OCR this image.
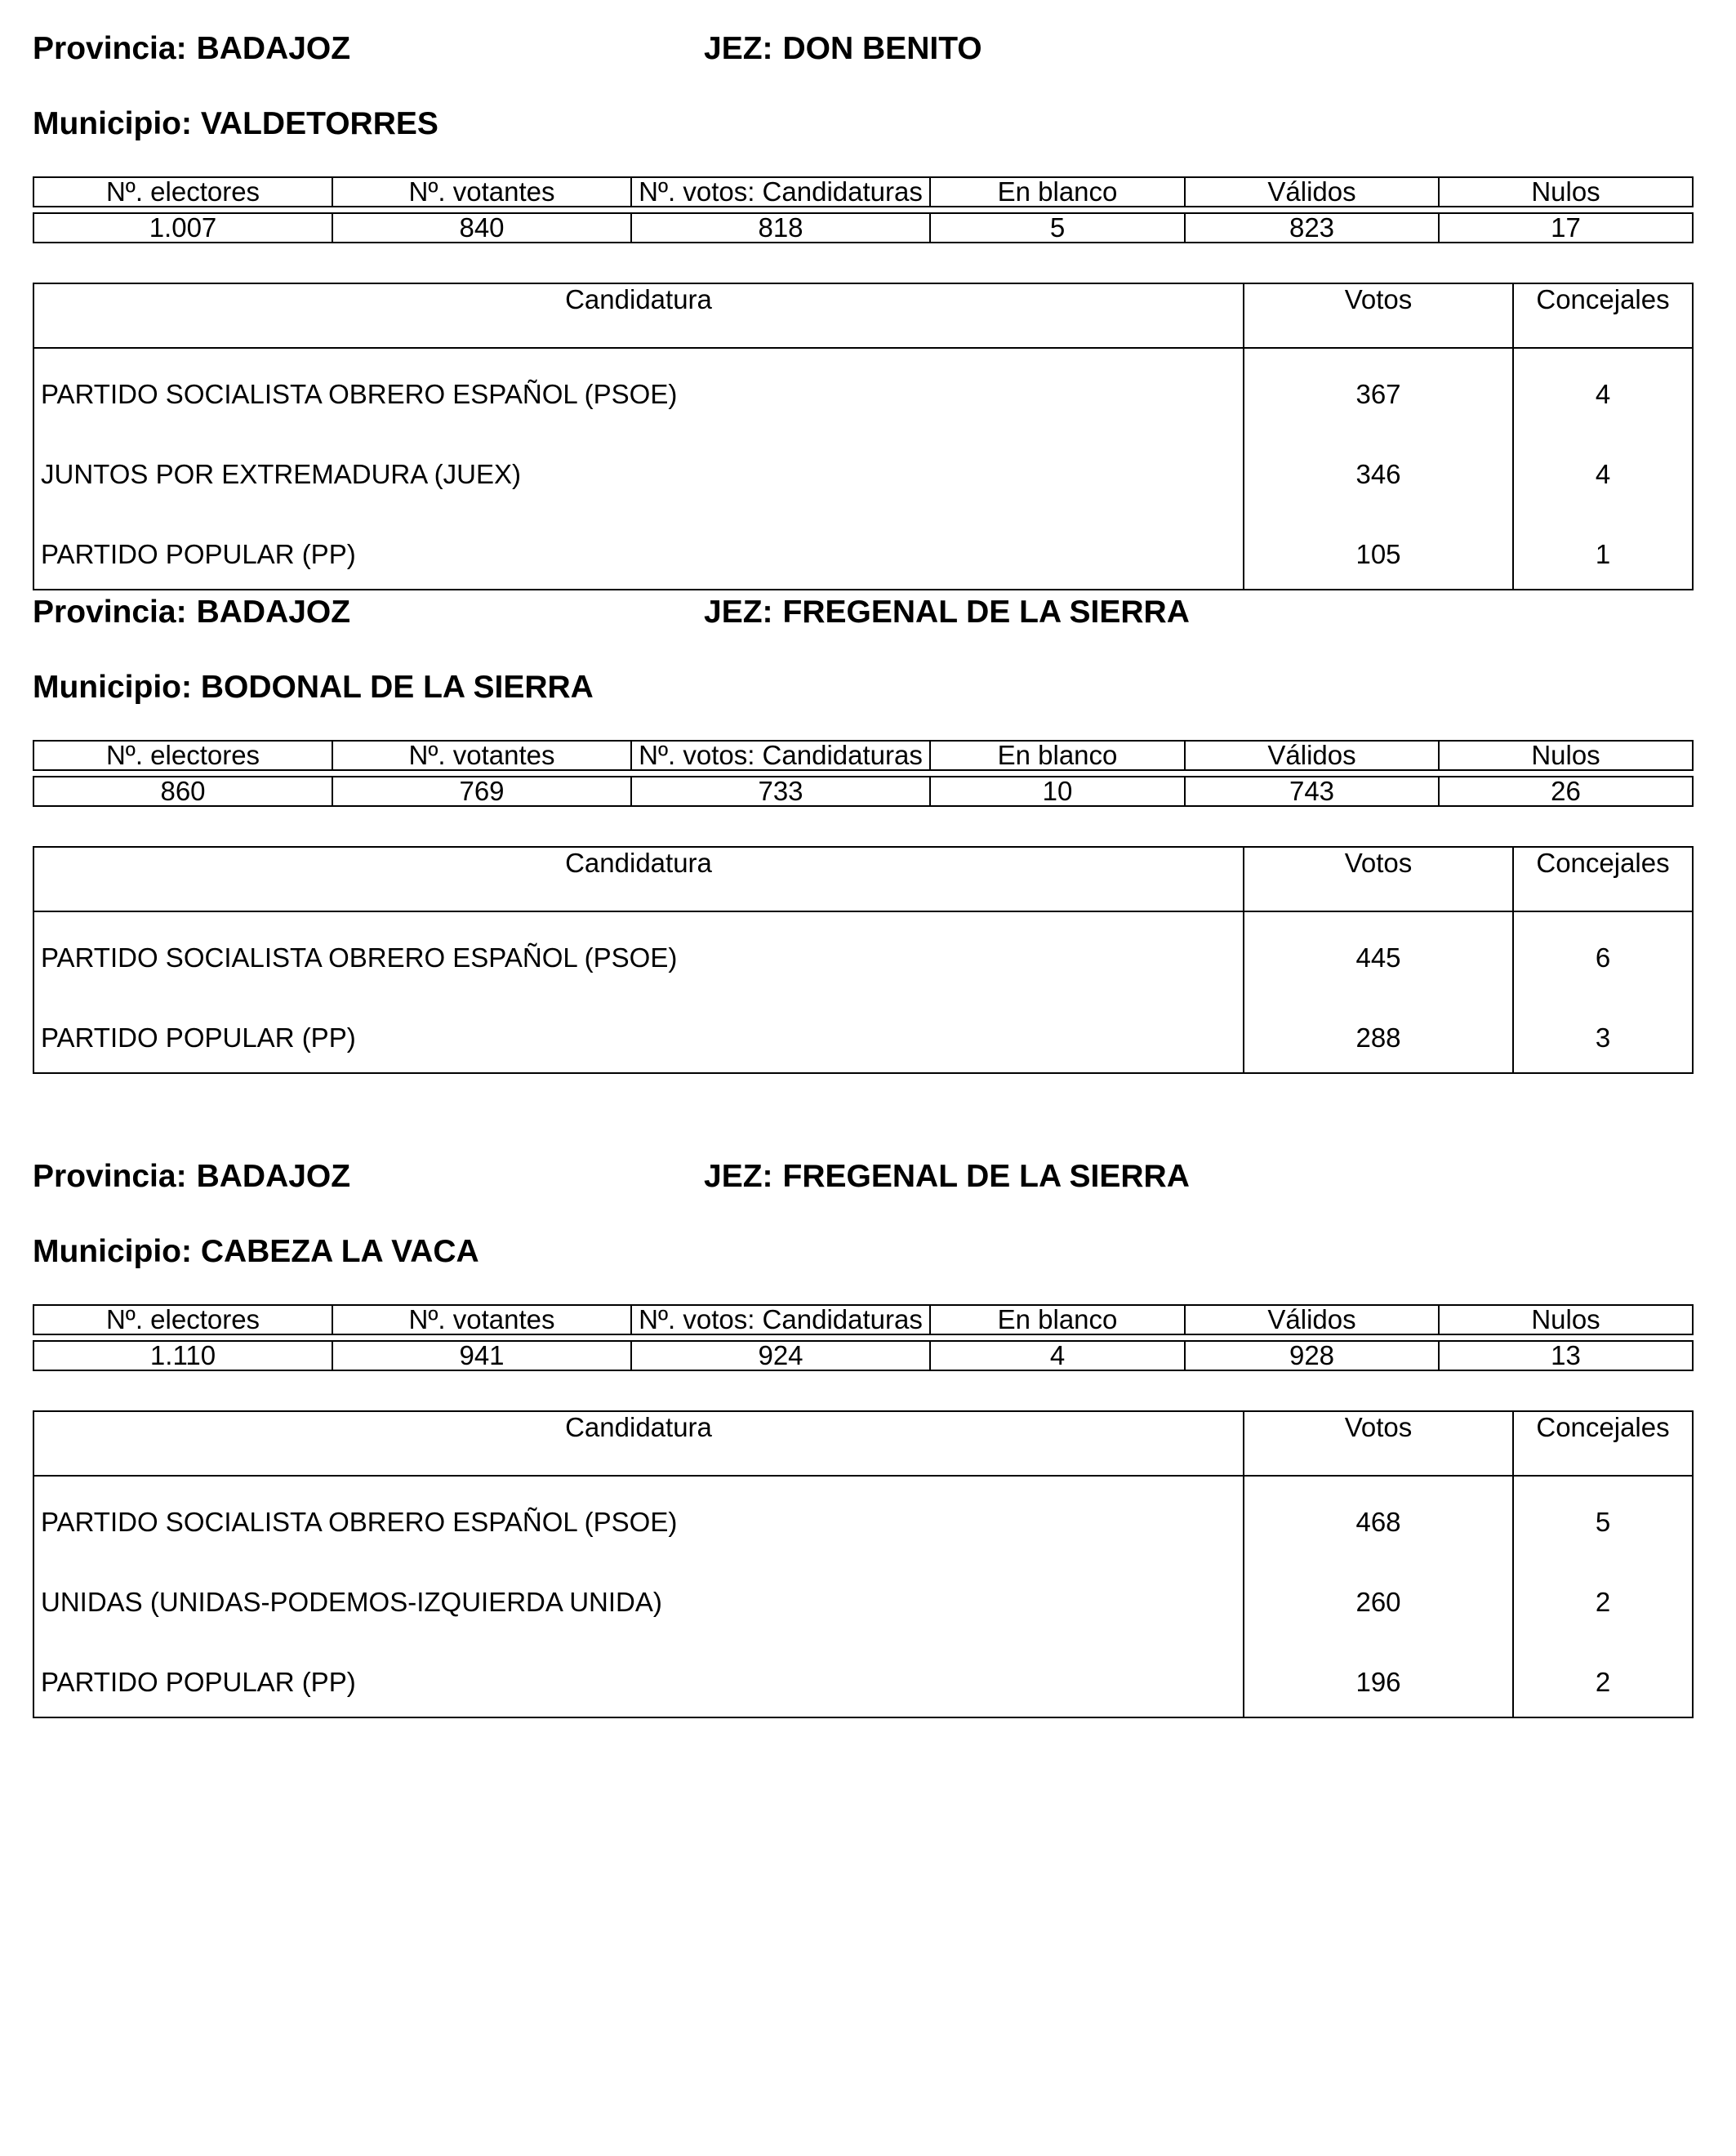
Provincia: BADAJOZ	JEZ: DON BENITO
Municipio: VALDETORRES
Nº. electores	Nº. votantes	Nº. votos: Candidaturas	En blanco	Válidos	Nulos

1.007	840	818	5	823	17
Candidatura	Votos	Concejales
PARTIDO SOCIALISTA OBRERO ESPAÑOL (PSOE)	367	4
JUNTOS POR EXTREMADURA (JUEX)	346	4
PARTIDO POPULAR (PP)	105	1
Provincia: BADAJOZ	JEZ: FREGENAL DE LA SIERRA
Municipio: BODONAL DE LA SIERRA
Nº. electores	Nº. votantes	Nº. votos: Candidaturas	En blanco	Válidos	Nulos

860	769	733	10	743	26
Candidatura	Votos	Concejales
PARTIDO SOCIALISTA OBRERO ESPAÑOL (PSOE)	445	6
PARTIDO POPULAR (PP)	288	3
Provincia: BADAJOZ	JEZ: FREGENAL DE LA SIERRA
Municipio: CABEZA LA VACA
Nº. electores	Nº. votantes	Nº. votos: Candidaturas	En blanco	Válidos	Nulos

1.110	941	924	4	928	13
Candidatura	Votos	Concejales
PARTIDO SOCIALISTA OBRERO ESPAÑOL (PSOE)	468	5
UNIDAS (UNIDAS-PODEMOS-IZQUIERDA UNIDA)	260	2
PARTIDO POPULAR (PP)	196	2
